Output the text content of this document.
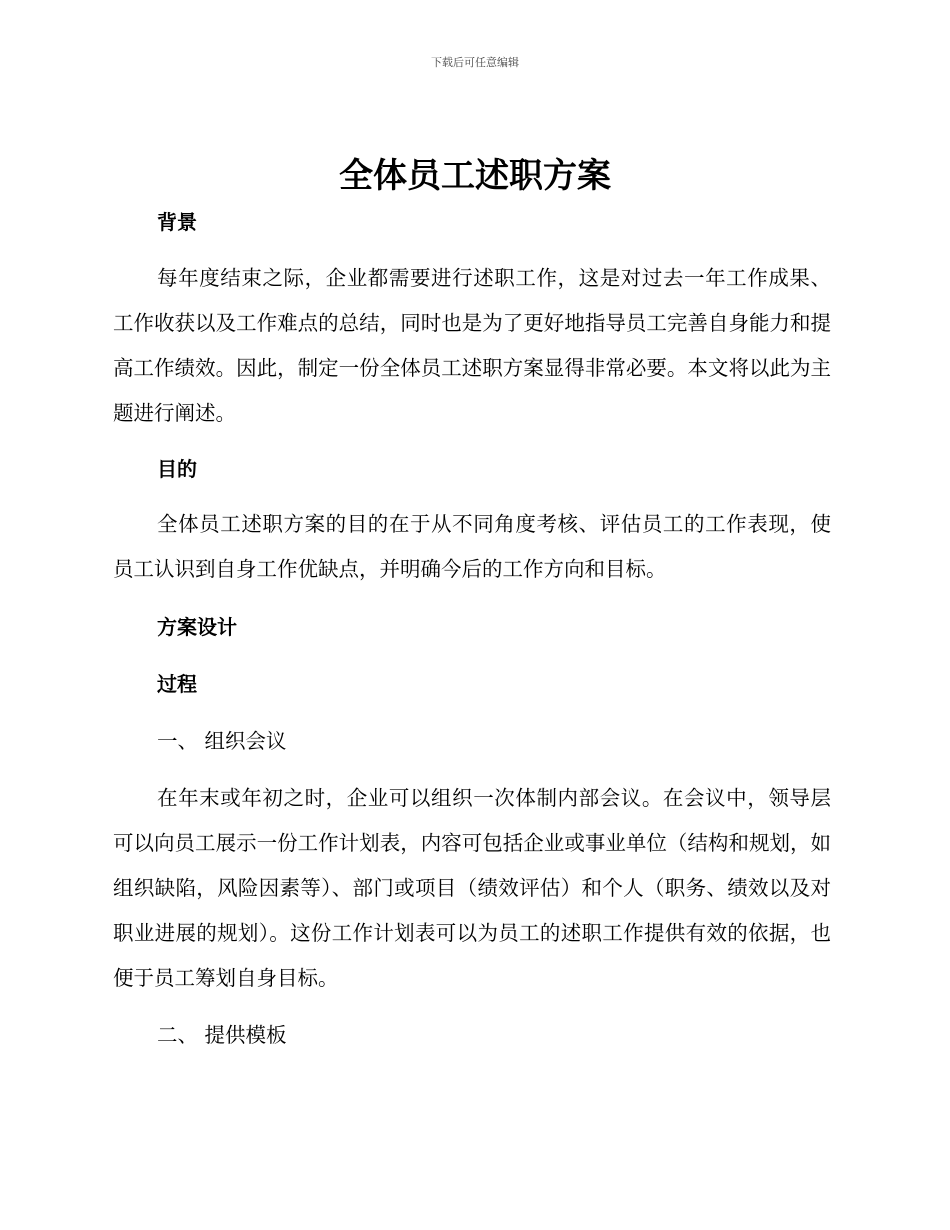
下载后可任意编辑
全体员工述职方案
背景
每年度结束之际，企业都需要进行述职工作，这是对过去一年工作成果、工作收获以及工作难点的总结，同时也是为了更好地指导员工完善自身能力和提高工作绩效。因此，制定一份全体员工述职方案显得非常必要。本文将以此为主题进行阐述。
目的
全体员工述职方案的目的在于从不同角度考核、评估员工的工作表现，使员工认识到自身工作优缺点，并明确今后的工作方向和目标。
方案设计
过程
一、 组织会议
在年末或年初之时，企业可以组织一次体制内部会议。在会议中，领导层可以向员工展示一份工作计划表，内容可包括企业或事业单位（结构和规划，如组织缺陷，风险因素等）、部门或项目（绩效评估）和个人（职务、绩效以及对职业进展的规划）。这份工作计划表可以为员工的述职工作提供有效的依据，也便于员工筹划自身目标。
二、 提供模板
